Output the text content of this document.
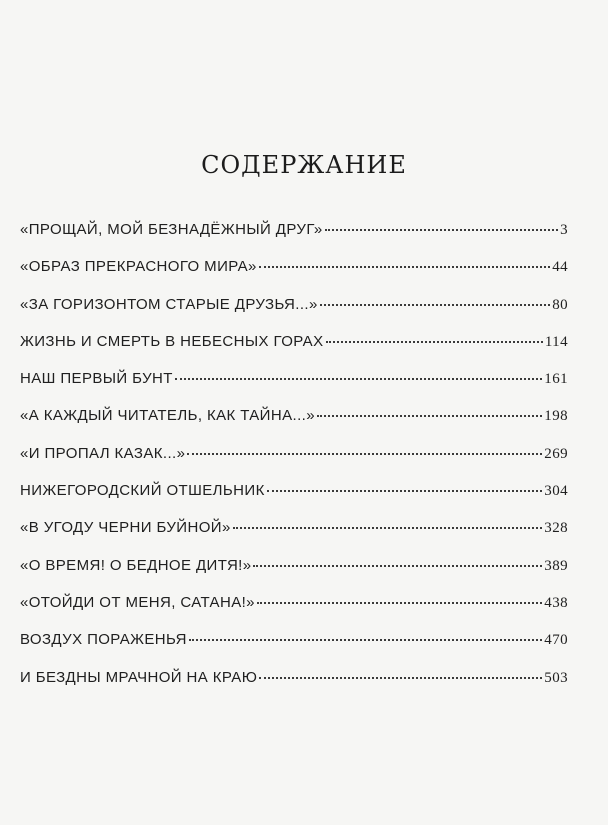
СОДЕРЖАНИЕ
«ПРОЩАЙ, МОЙ БЕЗНАДЁЖНЫЙ ДРУГ»	3
«ОБРАЗ ПРЕКРАСНОГО МИРА»	44
«ЗА ГОРИЗОНТОМ СТАРЫЕ ДРУЗЬЯ...»	80
ЖИЗНЬ И СМЕРТЬ В НЕБЕСНЫХ ГОРАХ	114
НАШ ПЕРВЫЙ БУНТ	161
«А КАЖДЫЙ ЧИТАТЕЛЬ, КАК ТАЙНА...»	198
«И ПРОПАЛ КАЗАК...»	269
НИЖЕГОРОДСКИЙ ОТШЕЛЬНИК	304
«В УГОДУ ЧЕРНИ БУЙНОЙ»	328
«О ВРЕМЯ! О БЕДНОЕ ДИТЯ!»	389
«ОТОЙДИ ОТ МЕНЯ, САТАНА!»	438
ВОЗДУХ ПОРАЖЕНЬЯ	470
И БЕЗДНЫ МРАЧНОЙ НА КРАЮ	503
